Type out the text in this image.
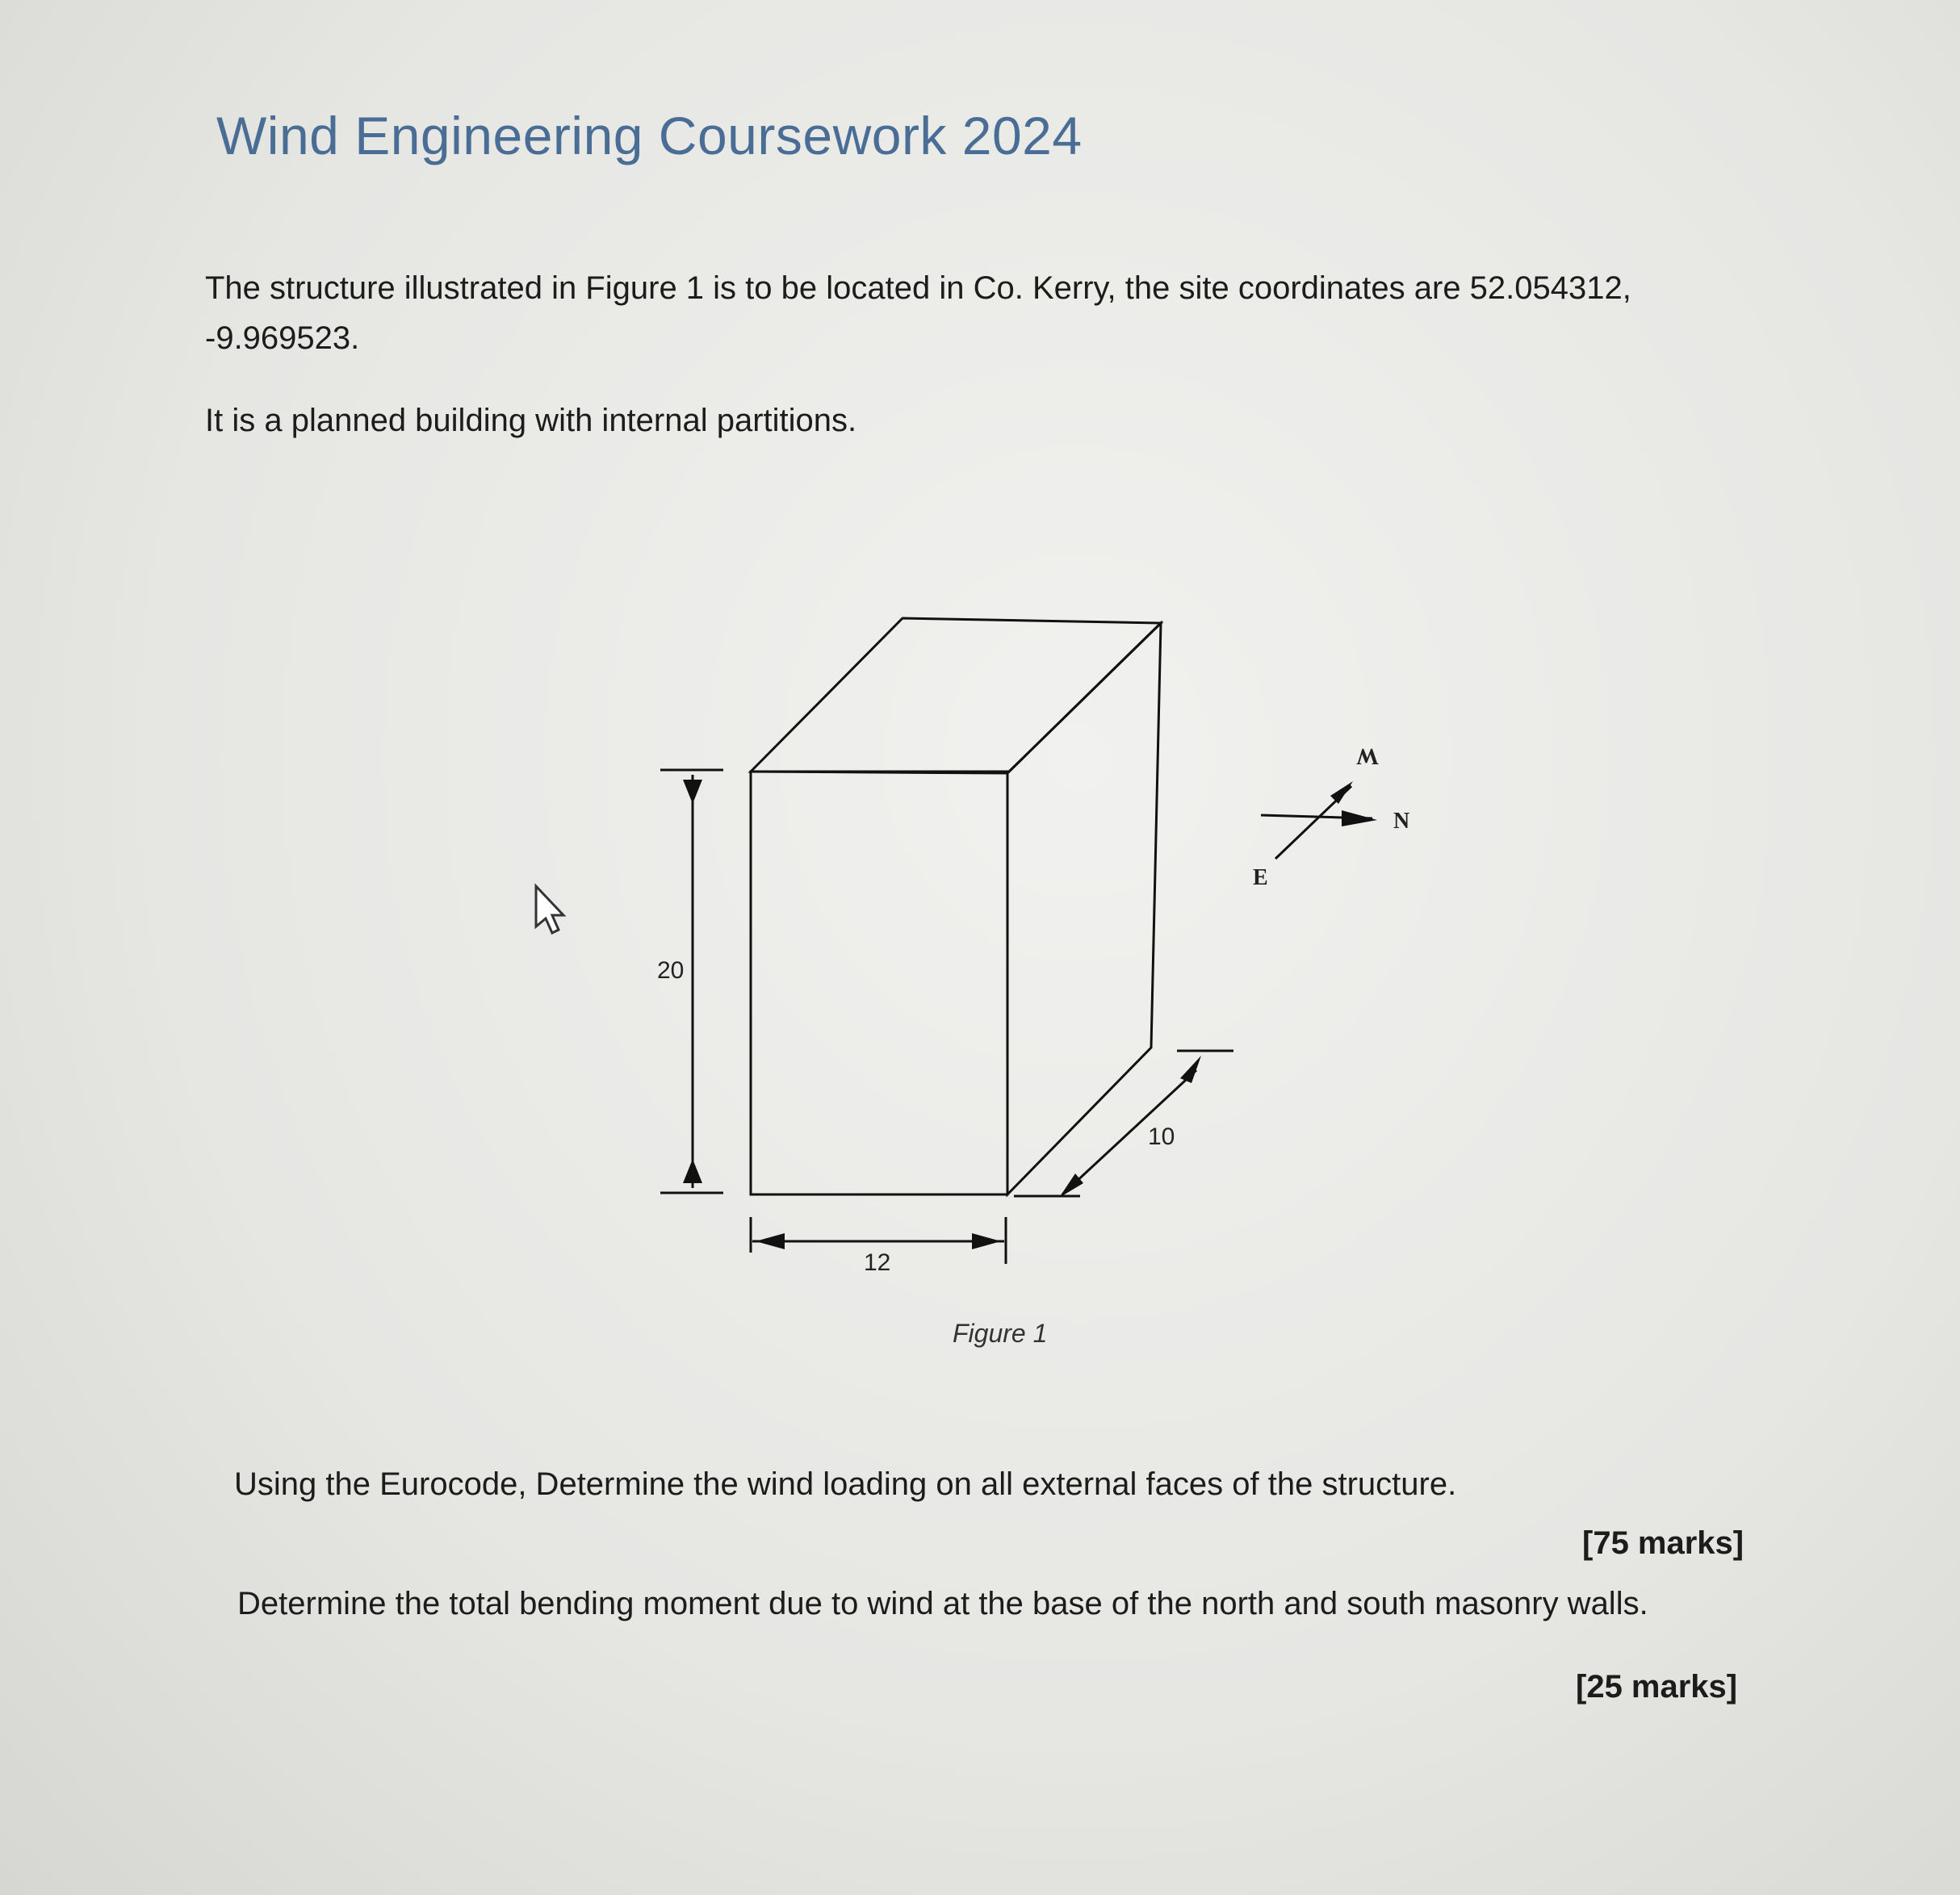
Wind Engineering Coursework 2024
The structure illustrated in Figure 1 is to be located in Co. Kerry, the site coordinates are 52.054312,
-9.969523.
It is a planned building with internal partitions.
20
12
10
W
N
E
Figure 1
Using the Eurocode, Determine the wind loading on all external faces of the structure.
[75 marks]
Determine the total bending moment due to wind at the base of the north and south masonry walls.
[25 marks]
